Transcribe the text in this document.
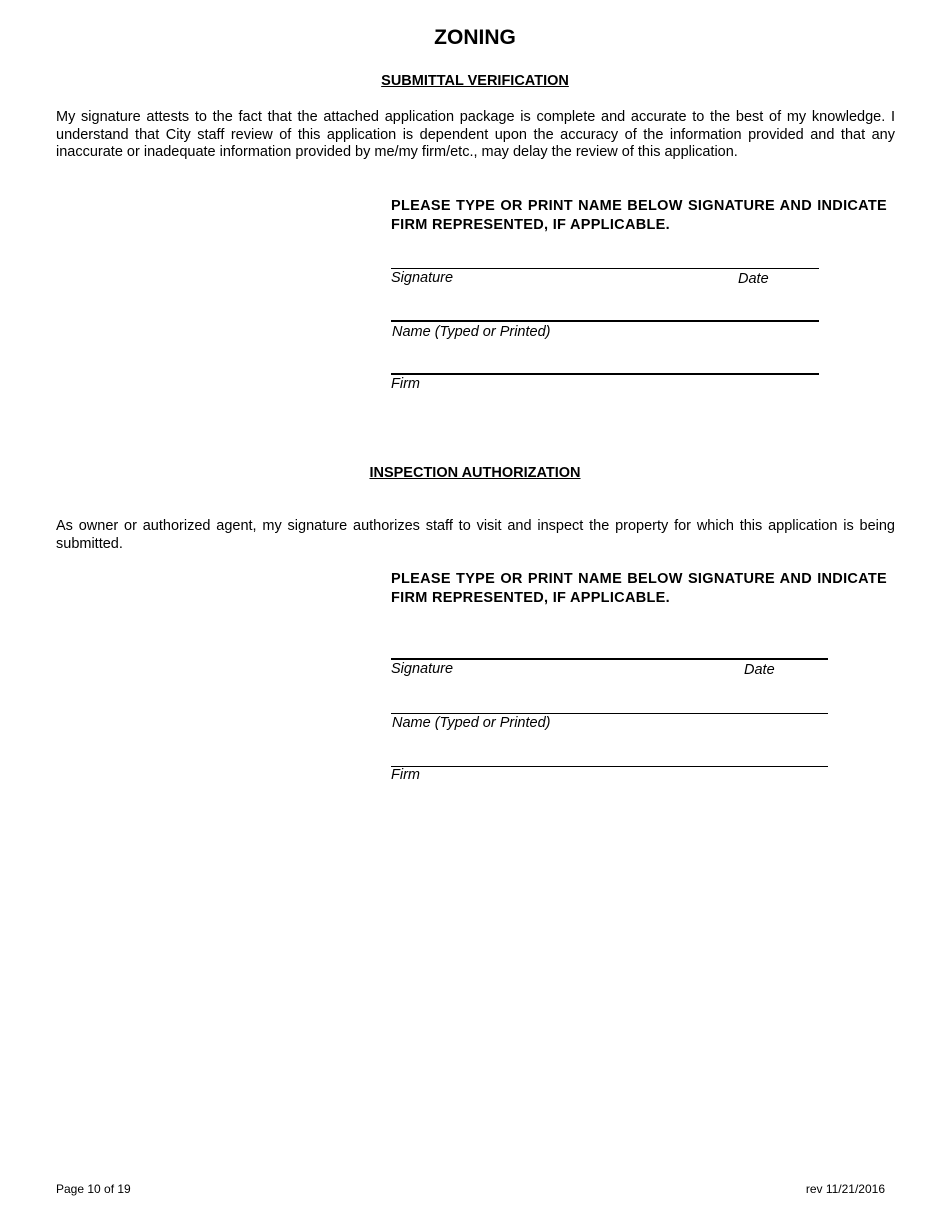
ZONING
SUBMITTAL VERIFICATION
My signature attests to the fact that the attached application package is complete and accurate to the best of my knowledge. I understand that City staff review of this application is dependent upon the accuracy of the information provided and that any inaccurate or inadequate information provided by me/my firm/etc., may delay the review of this application.
PLEASE TYPE OR PRINT NAME BELOW SIGNATURE AND INDICATE FIRM REPRESENTED, IF APPLICABLE.
Signature	Date
Name (Typed or Printed)
Firm
INSPECTION AUTHORIZATION
As owner or authorized agent, my signature authorizes staff to visit and inspect the property for which this application is being submitted.
PLEASE TYPE OR PRINT NAME BELOW SIGNATURE AND INDICATE FIRM REPRESENTED, IF APPLICABLE.
Signature	Date
Name (Typed or Printed)
Firm
Page 10 of 19	rev 11/21/2016
